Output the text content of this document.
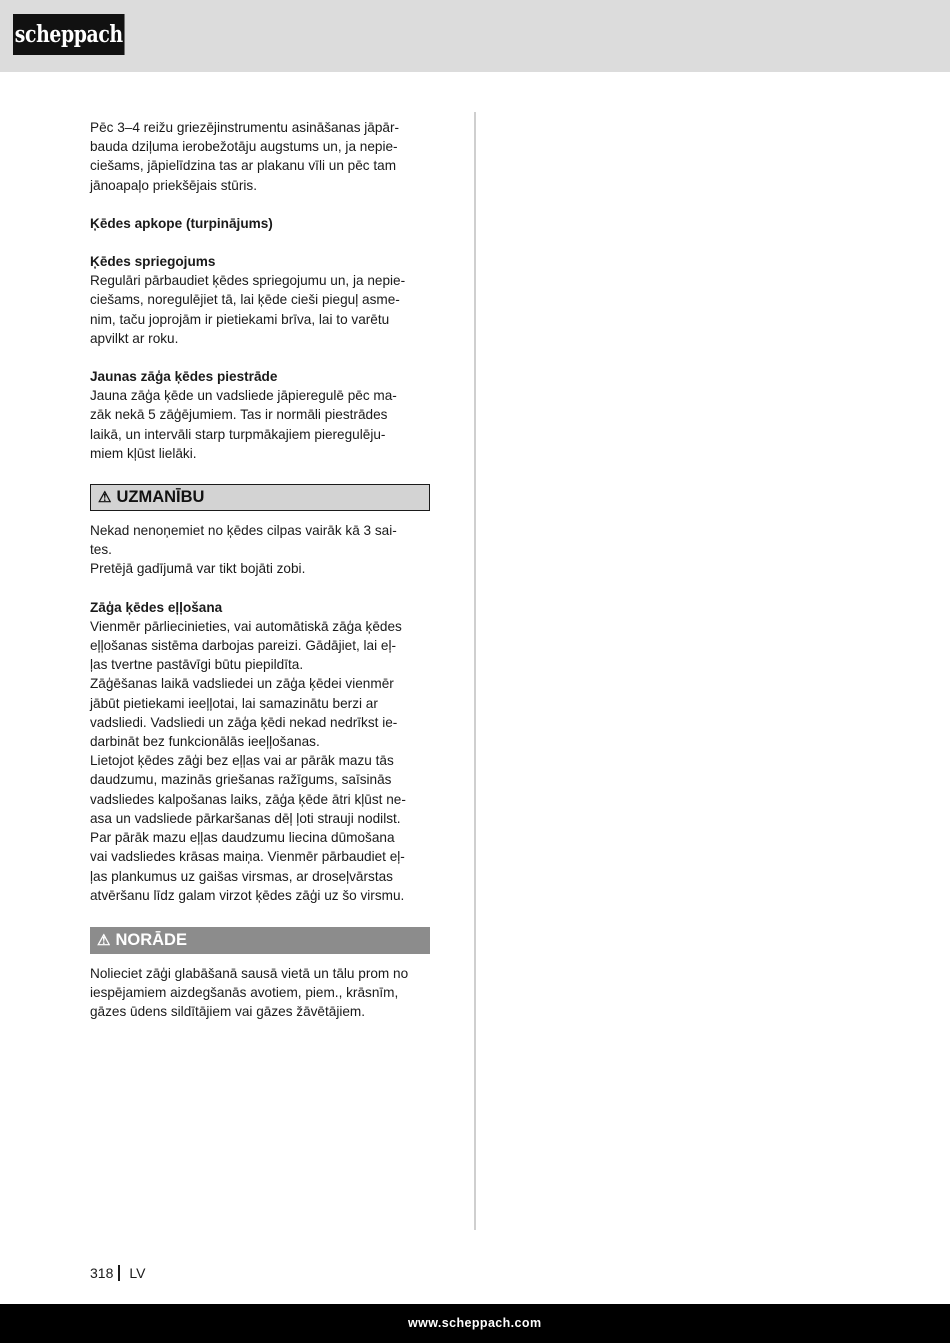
scheppach

Pēc 3–4 reižu griezējinstrumentu asināšanas jāpār-

bauda dziļuma ierobežotāju augstums un, ja nepie-

ciešams, jāpielīdzina tas ar plakanu vīli un pēc tam

jānoapaļo priekšējais stūris.

Ķēdes apkope (turpinājums)

Ķēdes spriegojums

Regulāri pārbaudiet ķēdes spriegojumu un, ja nepie-

ciešams, noregulējiet tā, lai ķēde cieši pieguļ asme-

nim, taču joprojām ir pietiekami brīva, lai to varētu

apvilkt ar roku.

Jaunas zāģa ķēdes piestrāde

Jauna zāģa ķēde un vadsliede jāpieregulē pēc ma-

zāk nekā 5 zāģējumiem. Tas ir normāli piestrādes

laikā, un intervāli starp turpmākajiem pieregulēju-

miem kļūst lielāki.

⚠ UZMANĪBU

Nekad nenoņemiet no ķēdes cilpas vairāk kā 3 sai-

tes.

Pretējā gadījumā var tikt bojāti zobi.

Zāģa ķēdes eļļošana

Vienmēr pārliecinieties, vai automātiskā zāģa ķēdes

eļļošanas sistēma darbojas pareizi. Gādājiet, lai eļ-

ļas tvertne pastāvīgi būtu piepildīta.

Zāģēšanas laikā vadsliedei un zāģa ķēdei vienmēr

jābūt pietiekami ieeļļotai, lai samazinātu berzi ar

vadsliedi. Vadsliedi un zāģa ķēdi nekad nedrīkst ie-

darbināt bez funkcionālās ieeļļošanas.

Lietojot ķēdes zāģi bez eļļas vai ar pārāk mazu tās

daudzumu, mazinās griešanas ražīgums, saīsinās

vadsliedes kalpošanas laiks, zāģa ķēde ātri kļūst ne-

asa un vadsliede pārkaršanas dēļ ļoti strauji nodilst.

Par pārāk mazu eļļas daudzumu liecina dūmošana

vai vadsliedes krāsas maiņa. Vienmēr pārbaudiet eļ-

ļas plankumus uz gaišas virsmas, ar droseļvārstas

atvēršanu līdz galam virzot ķēdes zāģi uz šo virsmu.

⚠ NORĀDE

Nolieciet zāģi glabāšanā sausā vietā un tālu prom no

iespējamiem aizdegšanās avotiem, piem., krāsnīm,

gāzes ūdens sildītājiem vai gāzes žāvētājiem.

318 LV
www.scheppach.com
